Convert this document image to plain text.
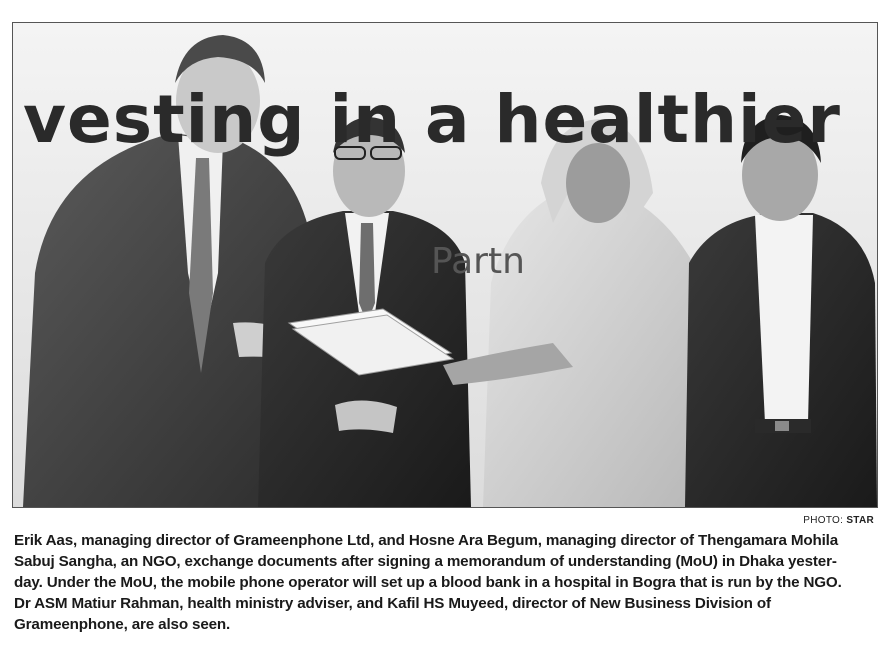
vesting in a healthier
Partn
PHOTO: STAR
Erik Aas, managing director of Grameenphone Ltd, and Hosne Ara Begum, managing director of Thengamara Mohila
Sabuj Sangha, an NGO, exchange documents after signing a memorandum of understanding (MoU) in Dhaka yester-
day. Under the MoU, the mobile phone operator will set up a blood bank in a hospital in Bogra that is run by the NGO.
Dr ASM Matiur Rahman, health ministry adviser, and Kafil HS Muyeed, director of New Business Division of
Grameenphone, are also seen.
